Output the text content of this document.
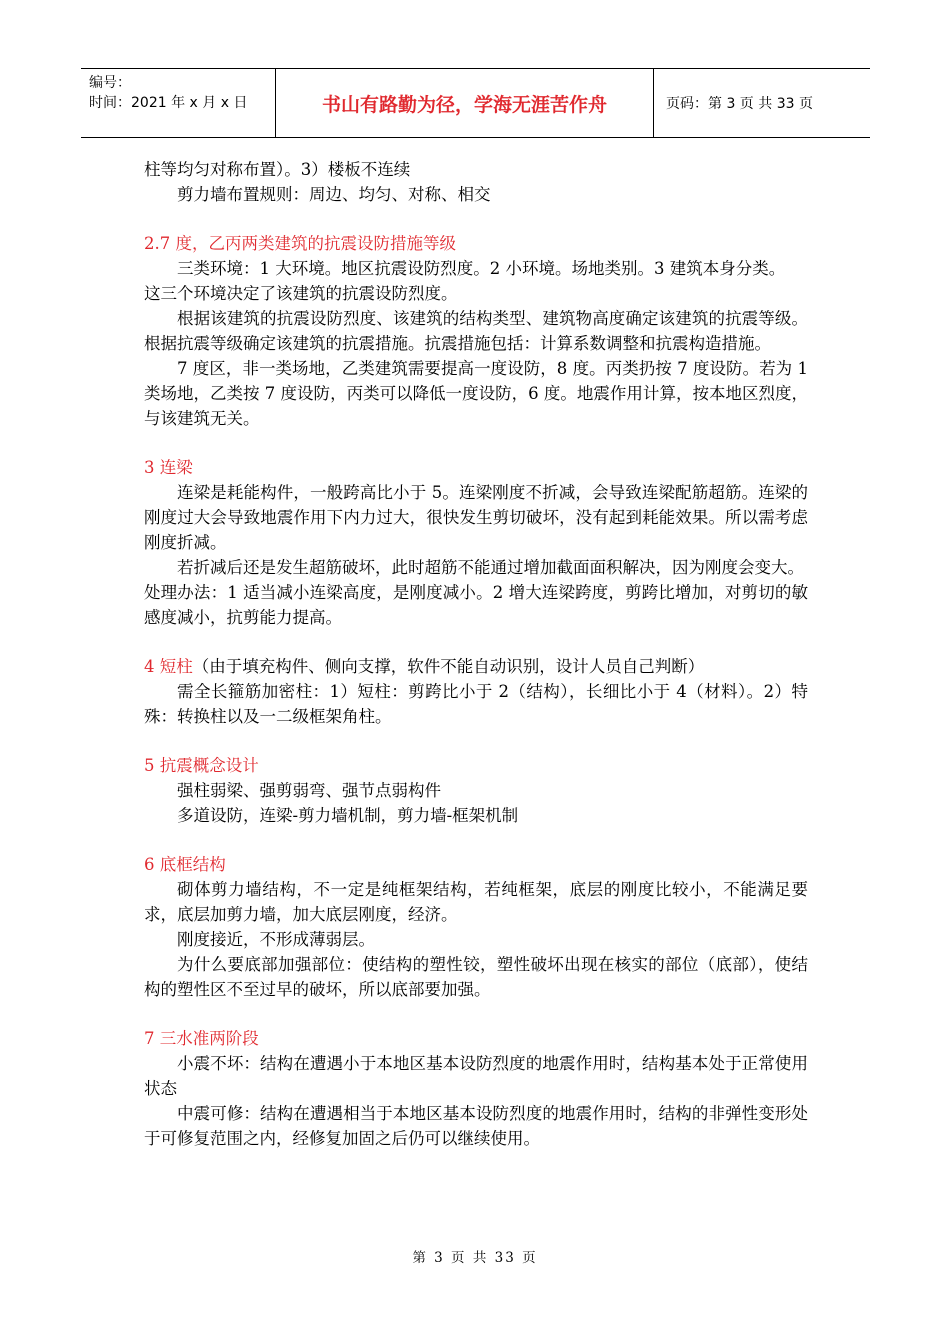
编号：
时间：2021 年 x 月 x 日	书山有路勤为径，学海无涯苦作舟	页码：第 3 页 共 33 页

柱等均匀对称布置）。3）楼板不连续

剪力墙布置规则：周边、均匀、对称、相交

2.7 度，乙丙两类建筑的抗震设防措施等级

三类环境：1 大环境。地区抗震设防烈度。2 小环境。场地类别。3 建筑本身分类。

这三个环境决定了该建筑的抗震设防烈度。

根据该建筑的抗震设防烈度、该建筑的结构类型、建筑物高度确定该建筑的抗震等级。根据抗震等级确定该建筑的抗震措施。抗震措施包括：计算系数调整和抗震构造措施。

7 度区，非一类场地，乙类建筑需要提高一度设防，8 度。丙类扔按 7 度设防。若为 1 类场地，乙类按 7 度设防，丙类可以降低一度设防，6 度。地震作用计算，按本地区烈度，与该建筑无关。

3 连梁

连梁是耗能构件，一般跨高比小于 5。连梁刚度不折减，会导致连梁配筋超筋。连梁的刚度过大会导致地震作用下内力过大，很快发生剪切破坏，没有起到耗能效果。所以需考虑刚度折减。

若折减后还是发生超筋破坏，此时超筋不能通过增加截面面积解决，因为刚度会变大。

处理办法：1 适当减小连梁高度，是刚度减小。2 增大连梁跨度，剪跨比增加，对剪切的敏感度减小，抗剪能力提高。

4 短柱（由于填充构件、侧向支撑，软件不能自动识别，设计人员自己判断）

需全长箍筋加密柱：1）短柱：剪跨比小于 2（结构），长细比小于 4（材料）。2）特殊：转换柱以及一二级框架角柱。

5 抗震概念设计

强柱弱梁、强剪弱弯、强节点弱构件

多道设防，连梁-剪力墙机制，剪力墙-框架机制

6 底框结构

砌体剪力墙结构，不一定是纯框架结构，若纯框架，底层的刚度比较小，不能满足要求，底层加剪力墙，加大底层刚度，经济。

刚度接近，不形成薄弱层。

为什么要底部加强部位：使结构的塑性铰，塑性破坏出现在核实的部位（底部），使结构的塑性区不至过早的破坏，所以底部要加强。

7 三水准两阶段

小震不坏：结构在遭遇小于本地区基本设防烈度的地震作用时，结构基本处于正常使用状态

中震可修：结构在遭遇相当于本地区基本设防烈度的地震作用时，结构的非弹性变形处于可修复范围之内，经修复加固之后仍可以继续使用。

第 3 页 共 33 页
